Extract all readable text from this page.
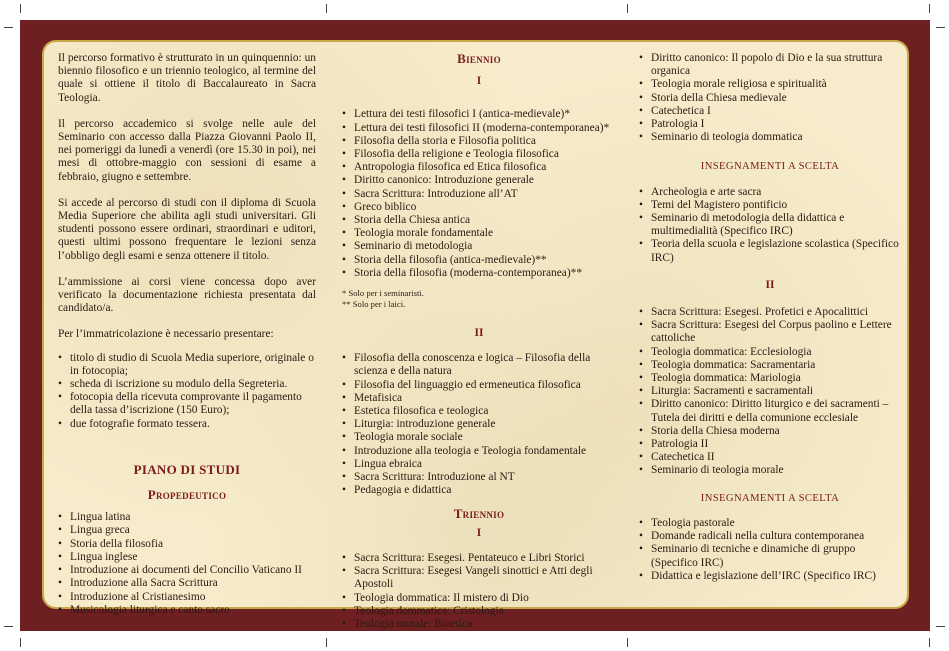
Il percorso formativo è strutturato in un quinquennio: un biennio filosofico e un triennio teologico, al termine del quale si ottiene il titolo di Baccalaureato in Sacra Teologia.

Il percorso accademico si svolge nelle aule del Seminario con accesso dalla Piazza Giovanni Paolo II, nei pomeriggi da lunedì a venerdì (ore 15.30 in poi), nei mesi di ottobre-maggio con sessioni di esame a febbraio, giugno e settembre.

Si accede al percorso di studi con il diploma di Scuola Media Superiore che abilita agli studi universitari. Gli studenti possono essere ordinari, straordinari e uditori, questi ultimi possono frequentare le lezioni senza l’obbligo degli esami e senza ottenere il titolo.

L’ammissione ai corsi viene concessa dopo aver verificato la documentazione richiesta presentata dal candidato/a.

Per l’immatricolazione è necessario presentare:

• titolo di studio di Scuola Media superiore, originale o in fotocopia;
• scheda di iscrizione su modulo della Segreteria.
• fotocopia della ricevuta comprovante il pagamento della tassa d’iscrizione (150 Euro);
• due fotografie formato tessera.
PIANO DI STUDI
Propedeutico
• Lingua latina
• Lingua greca
• Storia della filosofia
• Lingua inglese
• Introduzione ai documenti del Concilio Vaticano II
• Introduzione alla Sacra Scrittura
• Introduzione al Cristianesimo
• Musicologia liturgica e canto sacro
Biennio
I
• Lettura dei testi filosofici I (antica-medievale)*
• Lettura dei testi filosofici II (moderna-contemporanea)*
• Filosofia della storia e Filosofia politica
• Filosofia della religione e Teologia filosofica
• Antropologia filosofica ed Etica filosofica
• Diritto canonico: Introduzione generale
• Sacra Scrittura: Introduzione all’AT
• Greco biblico
• Storia della Chiesa antica
• Teologia morale fondamentale
• Seminario di metodologia
• Storia della filosofia (antica-medievale)**
• Storia della filosofia (moderna-contemporanea)**
* Solo per i seminaristi.
** Solo per i laici.
II
• Filosofia della conoscenza e logica – Filosofia della scienza e della natura
• Filosofia del linguaggio ed ermeneutica filosofica
• Metafisica
• Estetica filosofica e teologica
• Liturgia: introduzione generale
• Teologia morale sociale
• Introduzione alla teologia e Teologia fondamentale
• Lingua ebraica
• Sacra Scrittura: Introduzione al NT
• Pedagogia e didattica
Triennio
I
• Sacra Scrittura: Esegesi. Pentateuco e Libri Storici
• Sacra Scrittura: Esegesi Vangeli sinottici e Atti degli Apostoli
• Teologia dommatica: Il mistero di Dio
• Teologia dommatica: Cristologia
• Teologia morale: Bioetica
• Diritto canonico: Il popolo di Dio e la sua struttura organica
• Teologia morale religiosa e spiritualità
• Storia della Chiesa medievale
• Catechetica I
• Patrologia I
• Seminario di teologia dommatica
INSEGNAMENTI A SCELTA
• Archeologia e arte sacra
• Temi del Magistero pontificio
• Seminario di metodologia della didattica e multimedialità (Specifico IRC)
• Teoria della scuola e legislazione scolastica (Specifico IRC)
II
• Sacra Scrittura: Esegesi. Profetici e Apocalittici
• Sacra Scrittura: Esegesi del Corpus paolino e Lettere cattoliche
• Teologia dommatica: Ecclesiologia
• Teologia dommatica: Sacramentaria
• Teologia dommatica: Mariologia
• Liturgia: Sacramenti e sacramentali
• Diritto canonico: Diritto liturgico e dei sacramenti – Tutela dei diritti e della comunione ecclesiale
• Storia della Chiesa moderna
• Patrologia II
• Catechetica II
• Seminario di teologia morale
INSEGNAMENTI A SCELTA
• Teologia pastorale
• Domande radicali nella cultura contemporanea
• Seminario di tecniche e dinamiche di gruppo (Specifico IRC)
• Didattica e legislazione dell’IRC (Specifico IRC)
